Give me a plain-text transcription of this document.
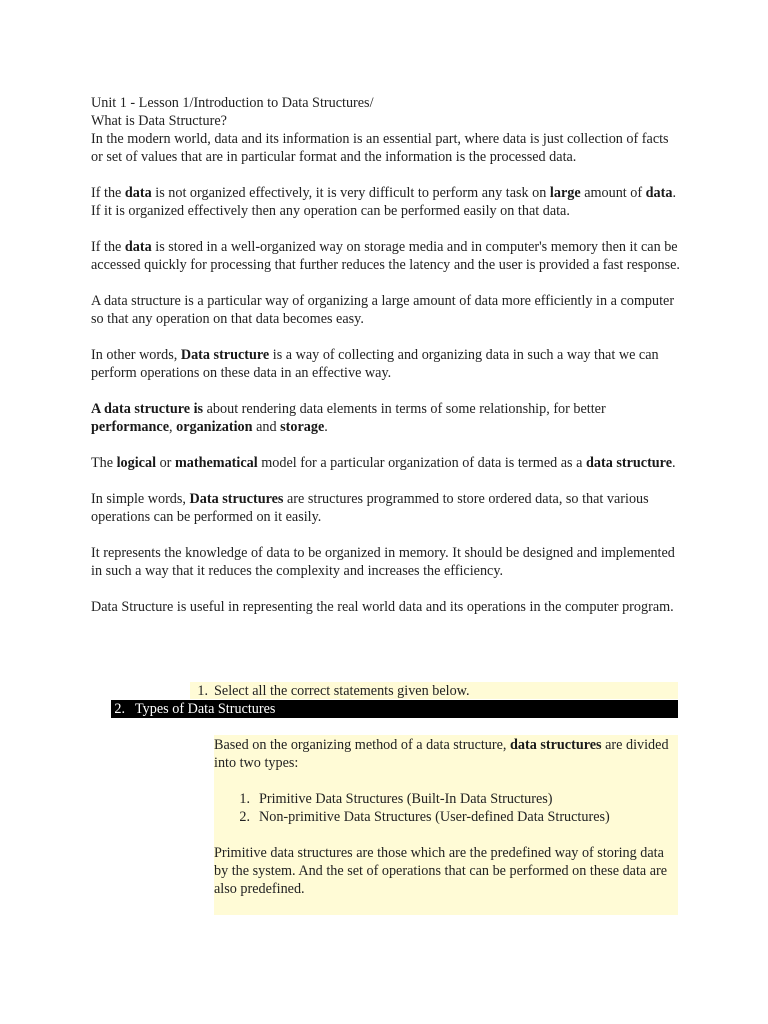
Unit 1 - Lesson 1/Introduction to Data Structures/

What is Data Structure?

In the modern world, data and its information is an essential part, where data is just collection of facts or set of values that are in particular format and the information is the processed data.

If the data is not organized effectively, it is very difficult to perform any task on large amount of data. If it is organized effectively then any operation can be performed easily on that data.

If the data is stored in a well-organized way on storage media and in computer's memory then it can be accessed quickly for processing that further reduces the latency and the user is provided a fast response.

A data structure is a particular way of organizing a large amount of data more efficiently in a computer so that any operation on that data becomes easy.

In other words, Data structure is a way of collecting and organizing data in such a way that we can perform operations on these data in an effective way.

A data structure is about rendering data elements in terms of some relationship, for better performance, organization and storage.

The logical or mathematical model for a particular organization of data is termed as a data structure.

In simple words, Data structures are structures programmed to store ordered data, so that various operations can be performed on it easily.

It represents the knowledge of data to be organized in memory. It should be designed and implemented in such a way that it reduces the complexity and increases the efficiency.

Data Structure is useful in representing the real world data and its operations in the computer program.

1. Select all the correct statements given below.
2. Types of Data Structures

Based on the organizing method of a data structure, data structures are divided into two types:

1. Primitive Data Structures (Built-In Data Structures)
2. Non-primitive Data Structures (User-defined Data Structures)

Primitive data structures are those which are the predefined way of storing data by the system. And the set of operations that can be performed on these data are also predefined.
